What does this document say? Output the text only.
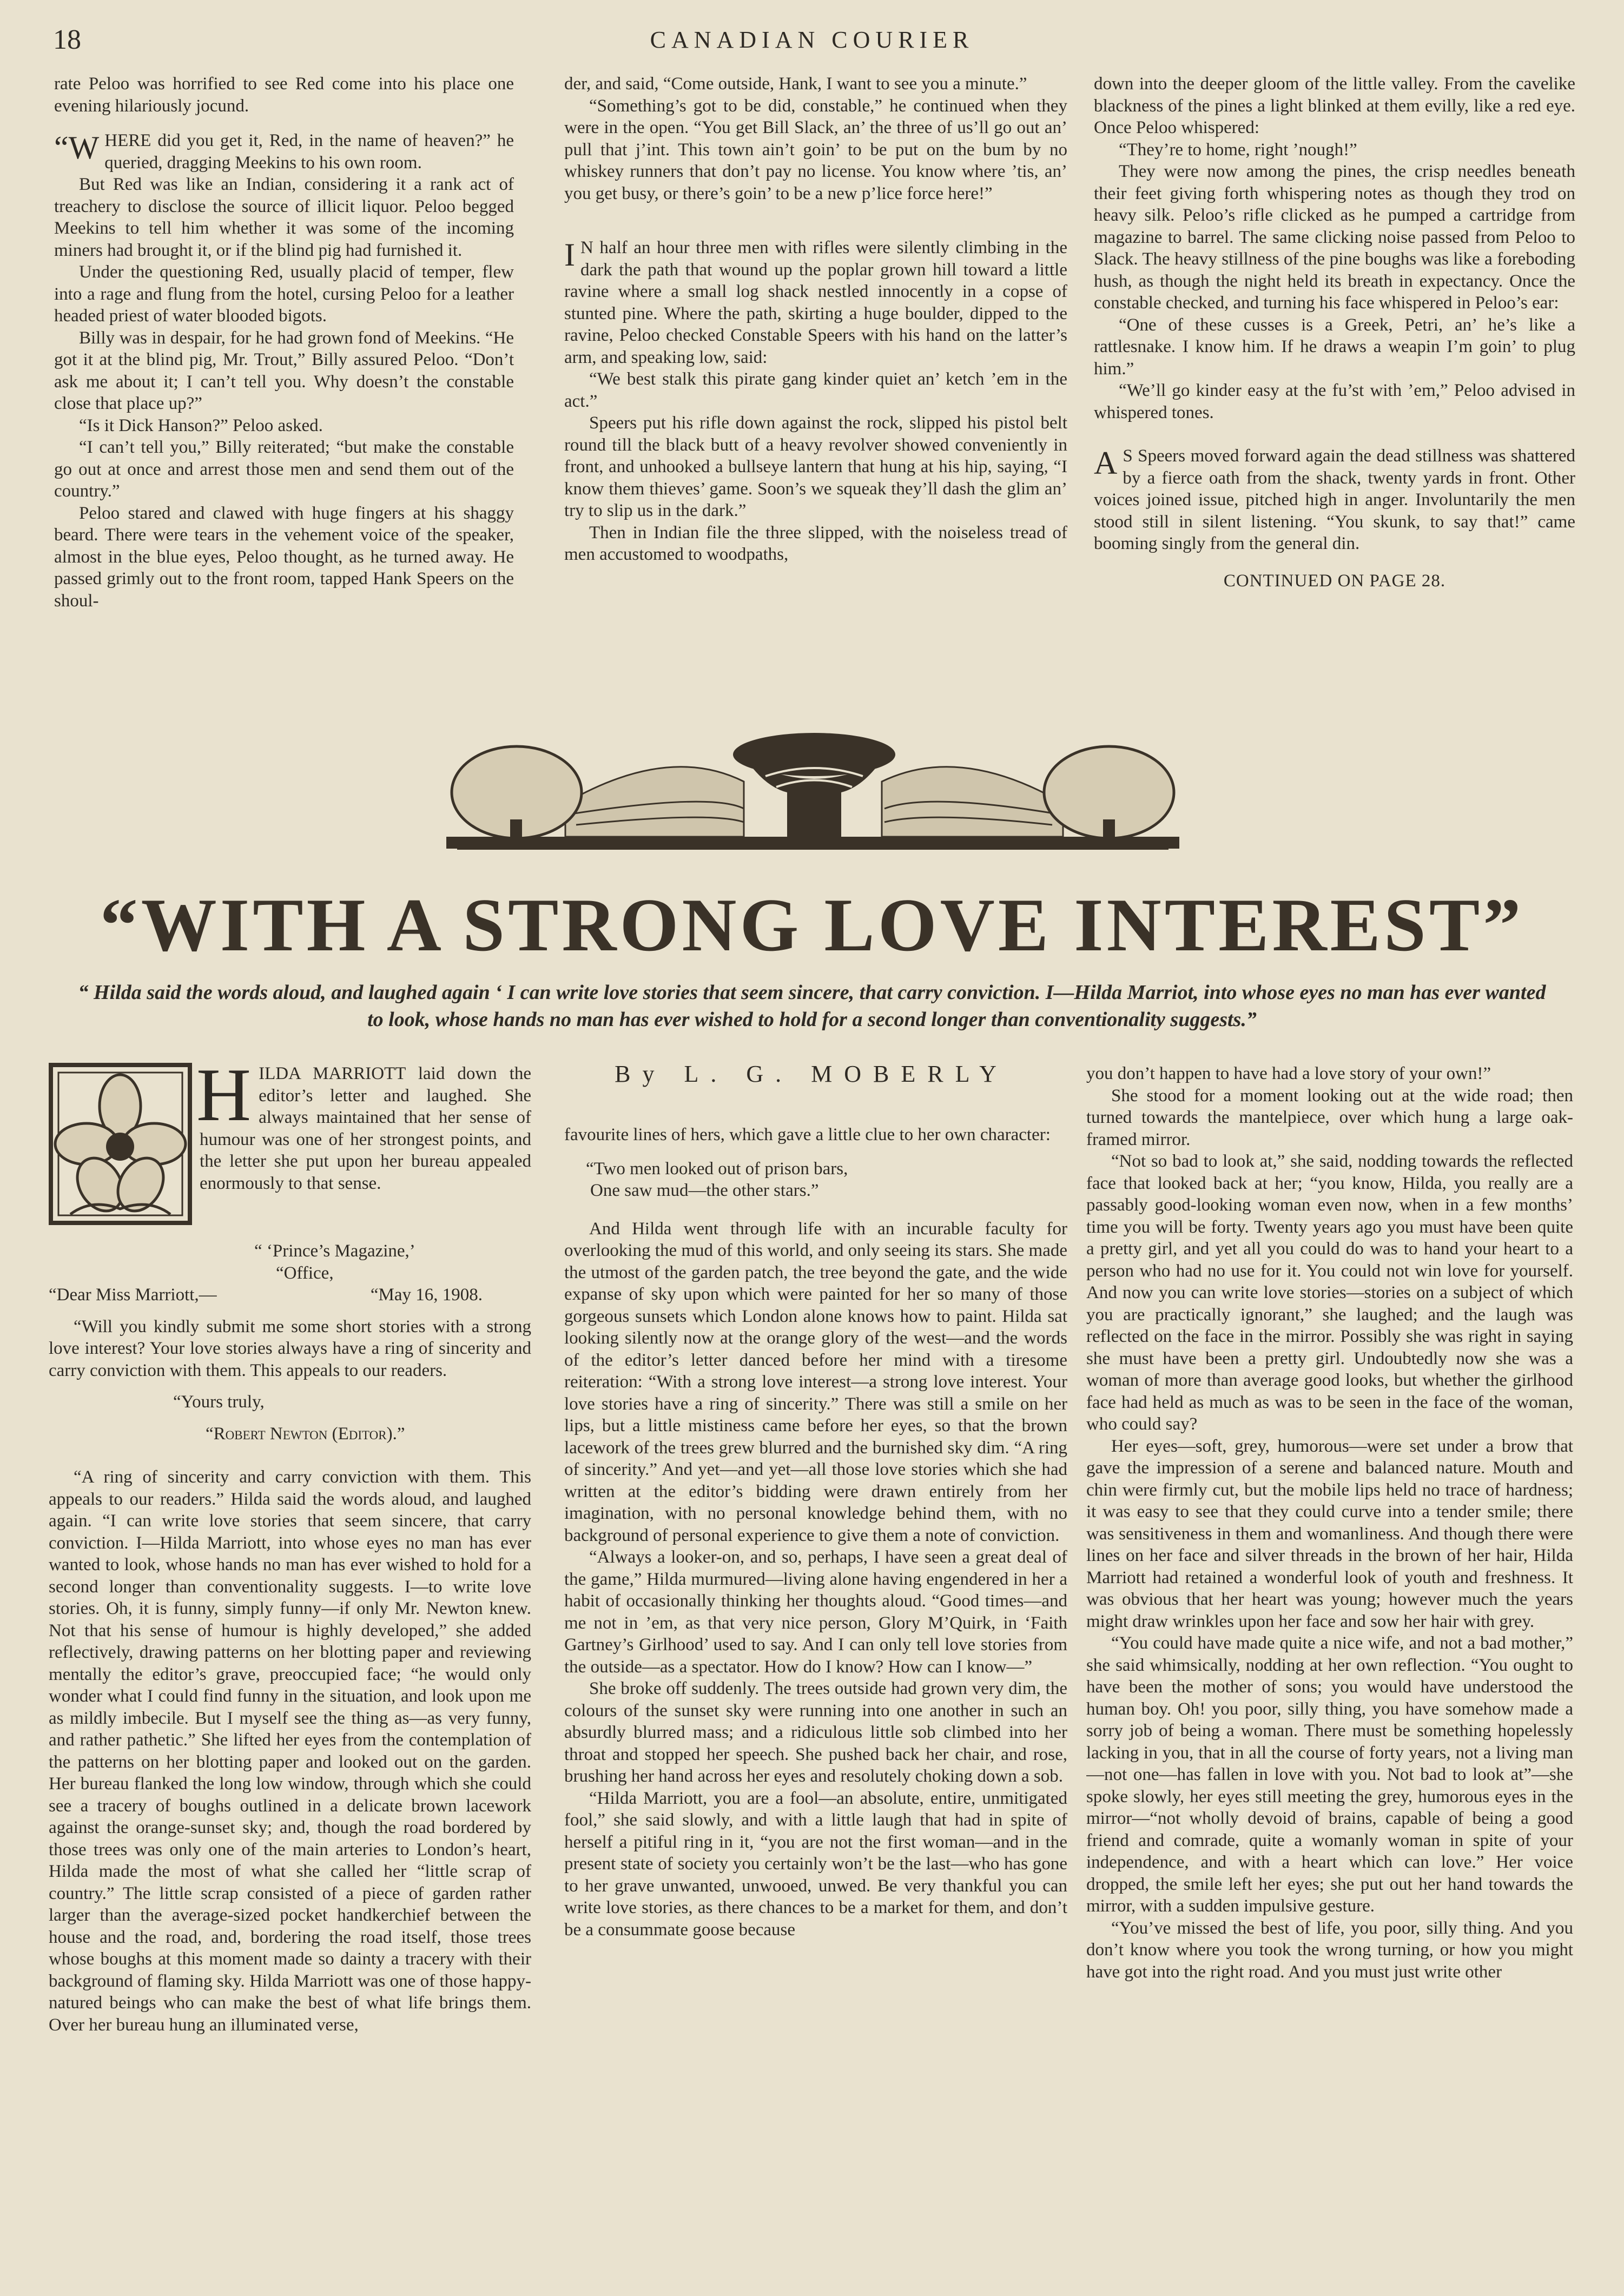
18	CANADIAN COURIER

rate Peloo was horrified to see Red come into his place one evening hilariously jocund.

“WHERE did you get it, Red, in the name of heaven?” he queried, dragging Meekins to his own room.

But Red was like an Indian, considering it a rank act of treachery to disclose the source of illicit liquor. Peloo begged Meekins to tell him whether it was some of the incoming miners had brought it, or if the blind pig had furnished it.

Under the questioning Red, usually placid of temper, flew into a rage and flung from the hotel, cursing Peloo for a leather headed priest of water blooded bigots.

Billy was in despair, for he had grown fond of Meekins. “He got it at the blind pig, Mr. Trout,” Billy assured Peloo. “Don’t ask me about it; I can’t tell you. Why doesn’t the constable close that place up?”

“Is it Dick Hanson?” Peloo asked.

“I can’t tell you,” Billy reiterated; “but make the constable go out at once and arrest those men and send them out of the country.”

Peloo stared and clawed with huge fingers at his shaggy beard. There were tears in the vehement voice of the speaker, almost in the blue eyes, Peloo thought, as he turned away. He passed grimly out to the front room, tapped Hank Speers on the shoul-

der, and said, “Come outside, Hank, I want to see you a minute.”

“Something’s got to be did, constable,” he continued when they were in the open. “You get Bill Slack, an’ the three of us’ll go out an’ pull that j’int. This town ain’t goin’ to be put on the bum by no whiskey runners that don’t pay no license. You know where ’tis, an’ you get busy, or there’s goin’ to be a new p’lice force here!”

I N half an hour three men with rifles were silently climbing in the dark the path that wound up the poplar grown hill toward a little ravine where a small log shack nestled innocently in a copse of stunted pine. Where the path, skirting a huge boulder, dipped to the ravine, Peloo checked Constable Speers with his hand on the latter’s arm, and speaking low, said:

“We best stalk this pirate gang kinder quiet an’ ketch ’em in the act.”

Speers put his rifle down against the rock, slipped his pistol belt round till the black butt of a heavy revolver showed conveniently in front, and unhooked a bullseye lantern that hung at his hip, saying, “I know them thieves’ game. Soon’s we squeak they’ll dash the glim an’ try to slip us in the dark.”

Then in Indian file the three slipped, with the noiseless tread of men accustomed to woodpaths,

down into the deeper gloom of the little valley. From the cavelike blackness of the pines a light blinked at them evilly, like a red eye. Once Peloo whispered:

“They’re to home, right ’nough!”

They were now among the pines, the crisp needles beneath their feet giving forth whispering notes as though they trod on heavy silk. Peloo’s rifle clicked as he pumped a cartridge from magazine to barrel. The same clicking noise passed from Peloo to Slack. The heavy stillness of the pine boughs was like a foreboding hush, as though the night held its breath in expectancy. Once the constable checked, and turning his face whispered in Peloo’s ear:

“One of these cusses is a Greek, Petri, an’ he’s like a rattlesnake. I know him. If he draws a weapin I’m goin’ to plug him.”

“We’ll go kinder easy at the fu’st with ’em,” Peloo advised in whispered tones.

A S Speers moved forward again the dead stillness was shattered by a fierce oath from the shack, twenty yards in front. Other voices joined issue, pitched high in anger. Involuntarily the men stood still in silent listening. “You skunk, to say that!” came booming singly from the general din.

CONTINUED ON PAGE 28.
“WITH A STRONG LOVE INTEREST”
“ Hilda said the words aloud, and laughed again ‘ I can write love stories that seem sincere, that carry conviction. I—Hilda Marriot, into whose eyes no man has ever wanted to look, whose hands no man has ever wished to hold for a second longer than conventionality suggests.”
By L. G. MOBERLY

HILDA MARRIOTT laid down the editor’s letter and laughed. She always maintained that her sense of humour was one of her strongest points, and the letter she put upon her bureau appealed enormously to that sense.

“ ‘Prince’s Magazine,’
“Office,
“Dear Miss Marriott,—	“May 16, 1908.

“Will you kindly submit me some short stories with a strong love interest? Your love stories always have a ring of sincerity and carry conviction with them. This appeals to our readers.

“Yours truly,
“Robert Newton (Editor).”

“A ring of sincerity and carry conviction with them. This appeals to our readers.” Hilda said the words aloud, and laughed again. “I can write love stories that seem sincere, that carry conviction. I—Hilda Marriott, into whose eyes no man has ever wanted to look, whose hands no man has ever wished to hold for a second longer than conventionality suggests. I—to write love stories. Oh, it is funny, simply funny—if only Mr. Newton knew. Not that his sense of humour is highly developed,” she added reflectively, drawing patterns on her blotting paper and reviewing mentally the editor’s grave, preoccupied face; “he would only wonder what I could find funny in the situation, and look upon me as mildly imbecile. But I myself see the thing as—as very funny, and rather pathetic.” She lifted her eyes from the contemplation of the patterns on her blotting paper and looked out on the garden. Her bureau flanked the long low window, through which she could see a tracery of boughs outlined in a delicate brown lacework against the orange-sunset sky; and, though the road bordered by those trees was only one of the main arteries to London’s heart, Hilda made the most of what she called her “little scrap of country.” The little scrap consisted of a piece of garden rather larger than the average-sized pocket handkerchief between the house and the road, and, bordering the road itself, those trees whose boughs at this moment made so dainty a tracery with their background of flaming sky. Hilda Marriott was one of those happy-natured beings who can make the best of what life brings them. Over her bureau hung an illuminated verse,

favourite lines of hers, which gave a little clue to her own character:

“Two men looked out of prison bars,
One saw mud—the other stars.”

And Hilda went through life with an incurable faculty for overlooking the mud of this world, and only seeing its stars. She made the utmost of the garden patch, the tree beyond the gate, and the wide expanse of sky upon which were painted for her so many of those gorgeous sunsets which London alone knows how to paint. Hilda sat looking silently now at the orange glory of the west—and the words of the editor’s letter danced before her mind with a tiresome reiteration: “With a strong love interest—a strong love interest. Your love stories have a ring of sincerity.” There was still a smile on her lips, but a little mistiness came before her eyes, so that the brown lacework of the trees grew blurred and the burnished sky dim. “A ring of sincerity.” And yet—and yet—all those love stories which she had written at the editor’s bidding were drawn entirely from her imagination, with no personal knowledge behind them, with no background of personal experience to give them a note of conviction.

“Always a looker-on, and so, perhaps, I have seen a great deal of the game,” Hilda murmured—living alone having engendered in her a habit of occasionally thinking her thoughts aloud. “Good times—and me not in ’em, as that very nice person, Glory M’Quirk, in ‘Faith Gartney’s Girlhood’ used to say. And I can only tell love stories from the outside—as a spectator. How do I know? How can I know—”

She broke off suddenly. The trees outside had grown very dim, the colours of the sunset sky were running into one another in such an absurdly blurred mass; and a ridiculous little sob climbed into her throat and stopped her speech. She pushed back her chair, and rose, brushing her hand across her eyes and resolutely choking down a sob.

“Hilda Marriott, you are a fool—an absolute, entire, unmitigated fool,” she said slowly, and with a little laugh that had in spite of herself a pitiful ring in it, “you are not the first woman—and in the present state of society you certainly won’t be the last—who has gone to her grave unwanted, unwooed, unwed. Be very thankful you can write love stories, as there chances to be a market for them, and don’t be a consummate goose because

you don’t happen to have had a love story of your own!”

She stood for a moment looking out at the wide road; then turned towards the mantelpiece, over which hung a large oak-framed mirror.

“Not so bad to look at,” she said, nodding towards the reflected face that looked back at her; “you know, Hilda, you really are a passably good-looking woman even now, when in a few months’ time you will be forty. Twenty years ago you must have been quite a pretty girl, and yet all you could do was to hand your heart to a person who had no use for it. You could not win love for yourself. And now you can write love stories—stories on a subject of which you are practically ignorant,” she laughed; and the laugh was reflected on the face in the mirror. Possibly she was right in saying she must have been a pretty girl. Undoubtedly now she was a woman of more than average good looks, but whether the girlhood face had held as much as was to be seen in the face of the woman, who could say?

Her eyes—soft, grey, humorous—were set under a brow that gave the impression of a serene and balanced nature. Mouth and chin were firmly cut, but the mobile lips held no trace of hardness; it was easy to see that they could curve into a tender smile; there was sensitiveness in them and womanliness. And though there were lines on her face and silver threads in the brown of her hair, Hilda Marriott had retained a wonderful look of youth and freshness. It was obvious that her heart was young; however much the years might draw wrinkles upon her face and sow her hair with grey.

“You could have made quite a nice wife, and not a bad mother,” she said whimsically, nodding at her own reflection. “You ought to have been the mother of sons; you would have understood the human boy. Oh! you poor, silly thing, you have somehow made a sorry job of being a woman. There must be something hopelessly lacking in you, that in all the course of forty years, not a living man—not one—has fallen in love with you. Not bad to look at”—she spoke slowly, her eyes still meeting the grey, humorous eyes in the mirror—“not wholly devoid of brains, capable of being a good friend and comrade, quite a womanly woman in spite of your independence, and with a heart which can love.” Her voice dropped, the smile left her eyes; she put out her hand towards the mirror, with a sudden impulsive gesture.

“You’ve missed the best of life, you poor, silly thing. And you don’t know where you took the wrong turning, or how you might have got into the right road. And you must just write other
